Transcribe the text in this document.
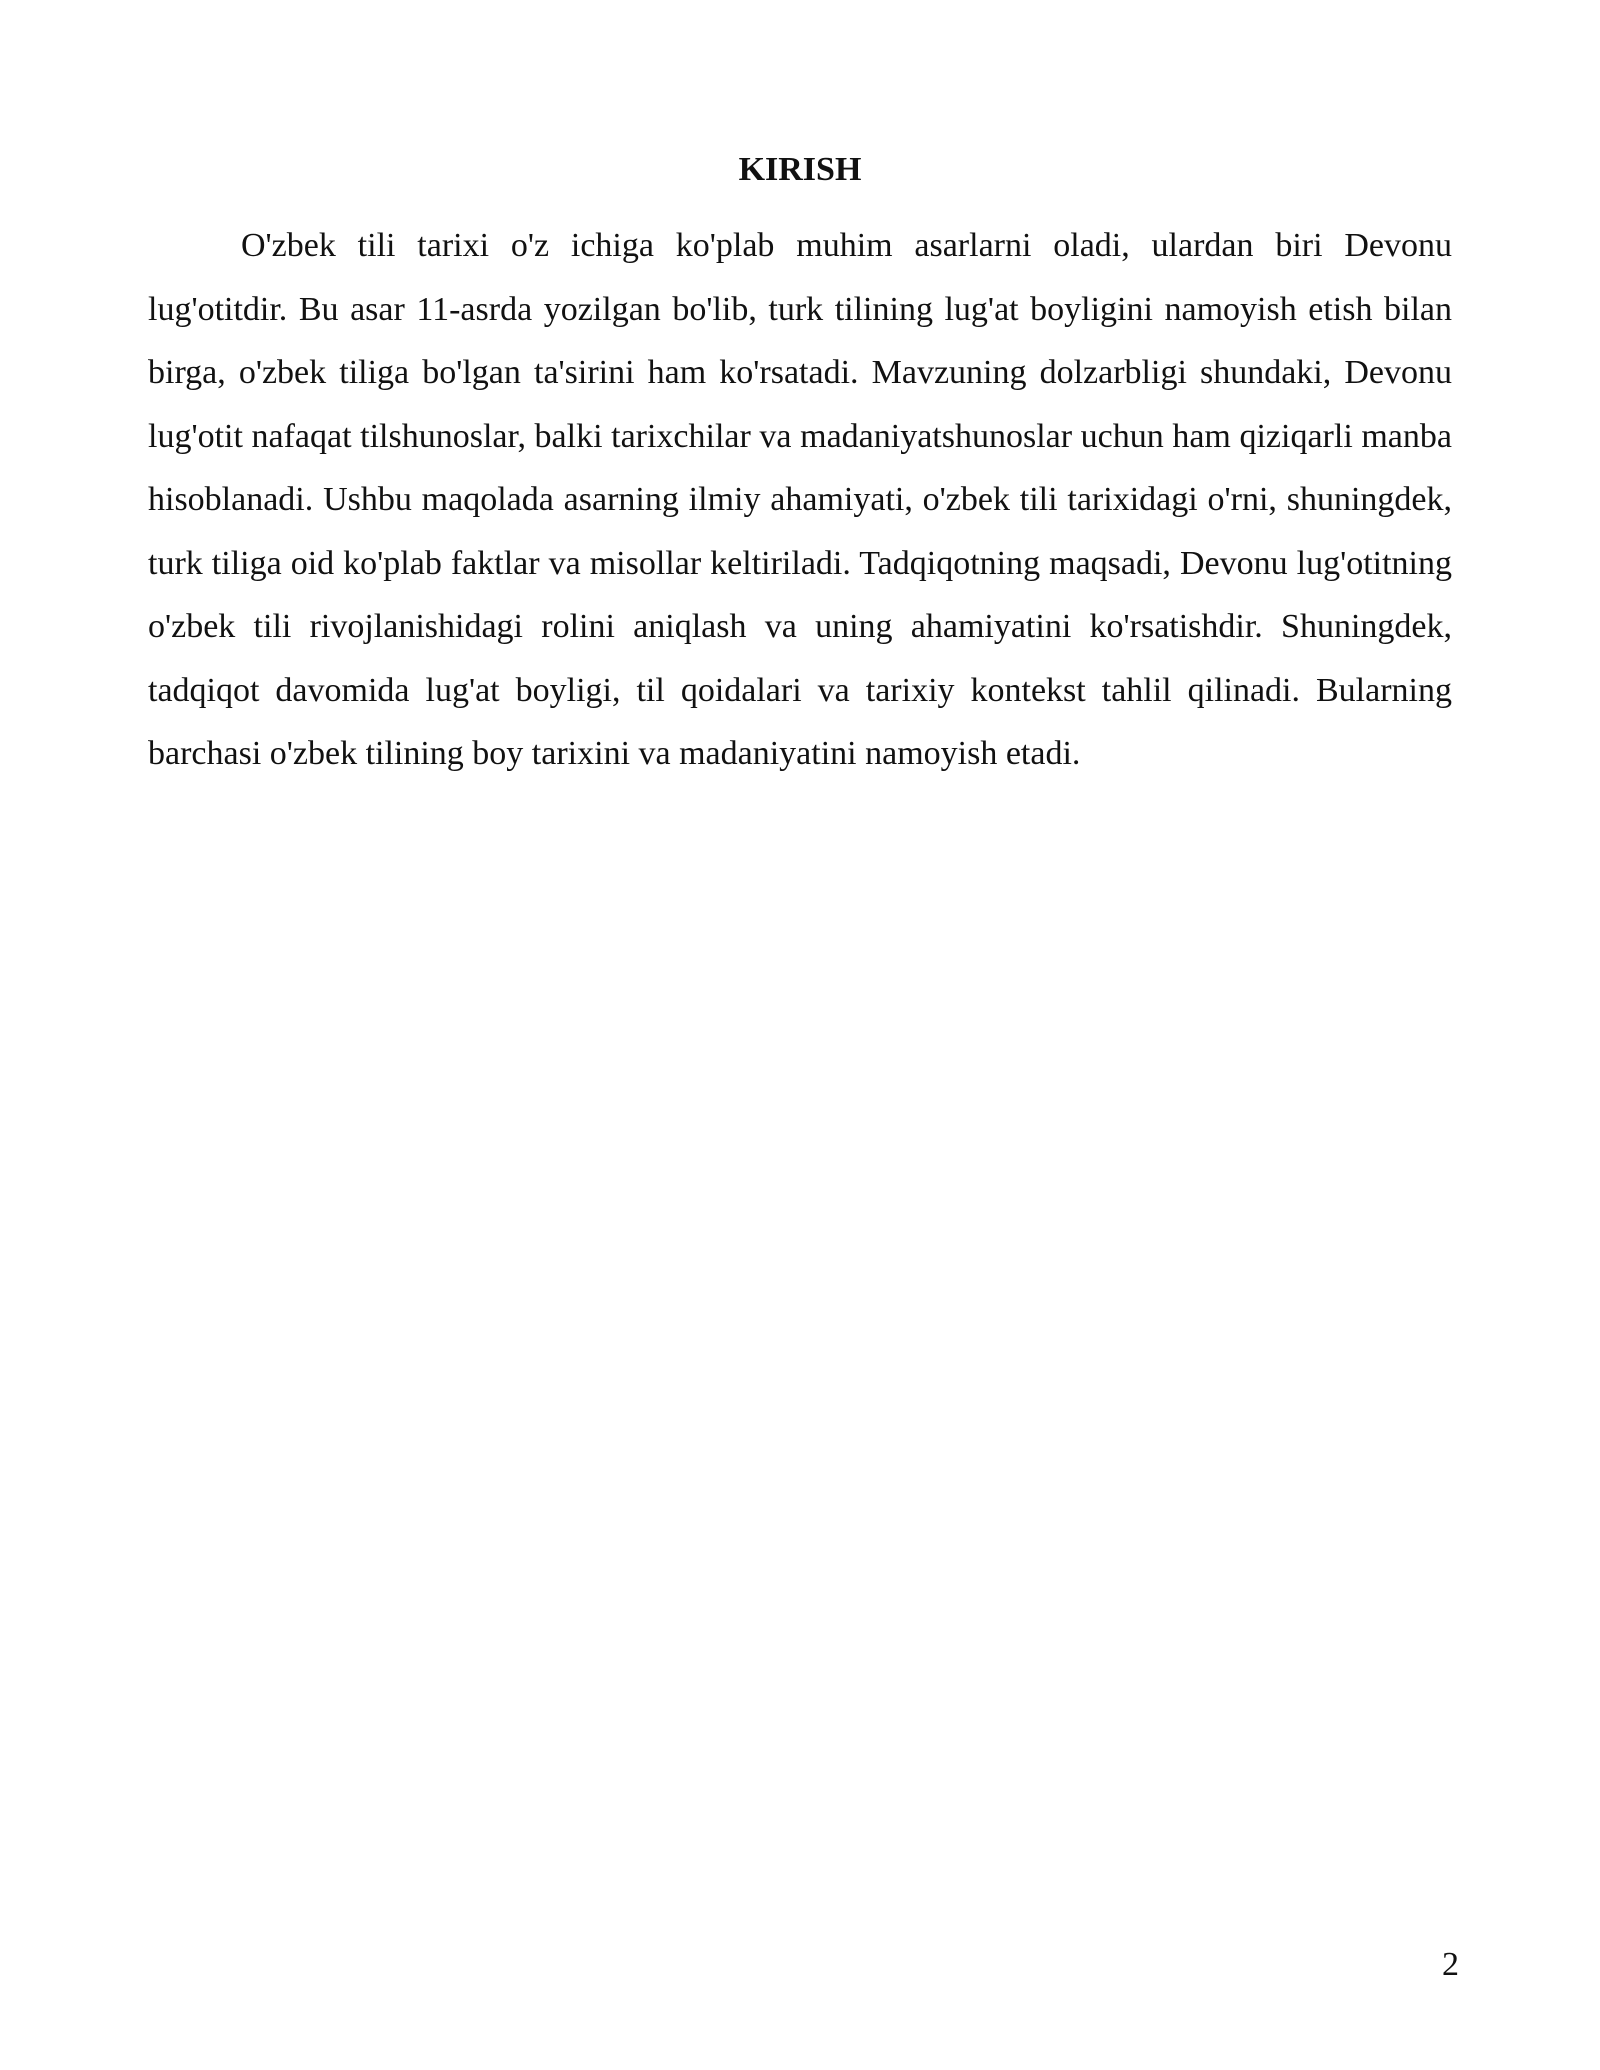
KIRISH

O'zbek tili tarixi o'z ichiga ko'plab muhim asarlarni oladi, ulardan biri Devonu lug'otitdir. Bu asar 11-asrda yozilgan bo'lib, turk tilining lug'at boyligini namoyish etish bilan birga, o'zbek tiliga bo'lgan ta'sirini ham ko'rsatadi. Mavzuning dolzarbligi shundaki, Devonu lug'otit nafaqat tilshunoslar, balki tarixchilar va madaniyatshunoslar uchun ham qiziqarli manba hisoblanadi. Ushbu maqolada asarning ilmiy ahamiyati, o'zbek tili tarixidagi o'rni, shuningdek, turk tiliga oid ko'plab faktlar va misollar keltiriladi. Tadqiqotning maqsadi, Devonu lug'otitning o'zbek tili rivojlanishidagi rolini aniqlash va uning ahamiyatini ko'rsatishdir. Shuningdek, tadqiqot davomida lug'at boyligi, til qoidalari va tarixiy kontekst tahlil qilinadi. Bularning barchasi o'zbek tilining boy tarixini va madaniyatini namoyish etadi.

2
